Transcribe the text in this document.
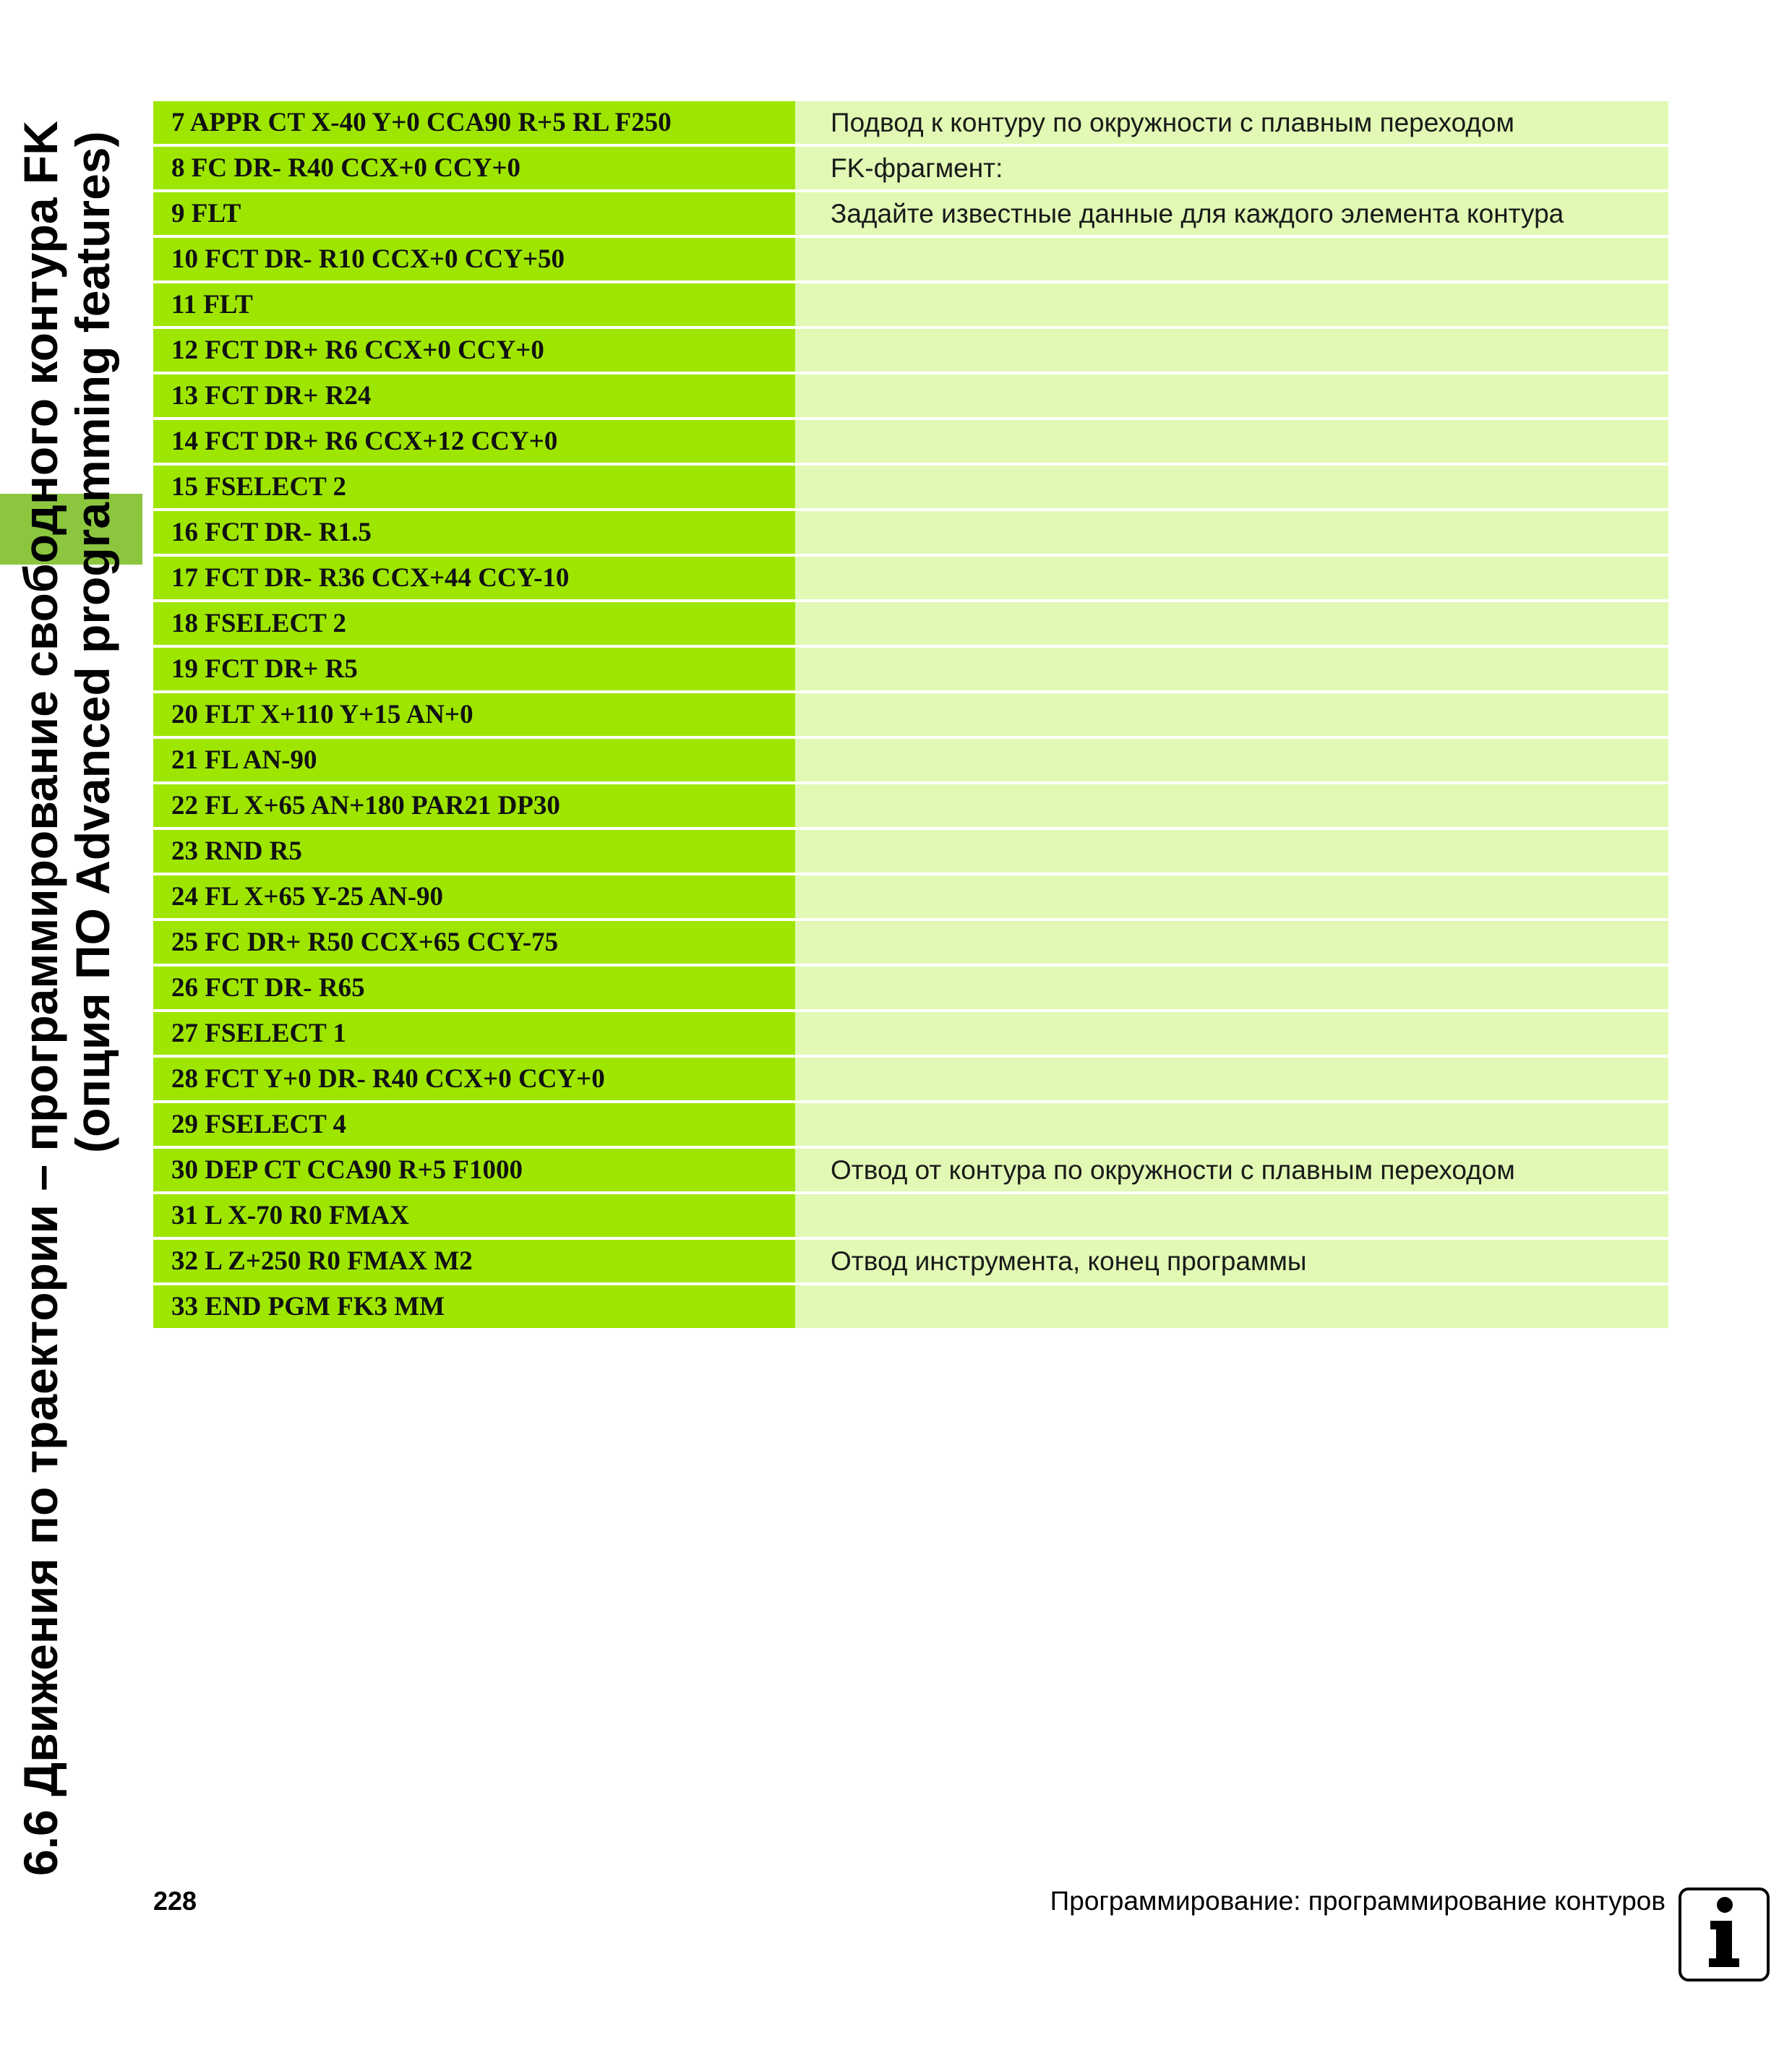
6.6 Движения по траектории – программирование свободного контура FK
(опция ПО Advanced programming features)
7 APPR CT X-40 Y+0 CCA90 R+5 RL F250	Подвод к контуру по окружности с плавным переходом
8 FC DR- R40 CCX+0 CCY+0	FK-фрагмент:
9 FLT	Задайте известные данные для каждого элемента контура
10 FCT DR- R10 CCX+0 CCY+50
11 FLT
12 FCT DR+ R6 CCX+0 CCY+0
13 FCT DR+ R24
14 FCT DR+ R6 CCX+12 CCY+0
15 FSELECT 2
16 FCT DR- R1.5
17 FCT DR- R36 CCX+44 CCY-10
18 FSELECT 2
19 FCT DR+ R5
20 FLT X+110 Y+15 AN+0
21 FL AN-90
22 FL X+65 AN+180 PAR21 DP30
23 RND R5
24 FL X+65 Y-25 AN-90
25 FC DR+ R50 CCX+65 CCY-75
26 FCT DR- R65
27 FSELECT 1
28 FCT Y+0 DR- R40 CCX+0 CCY+0
29 FSELECT 4
30 DEP CT CCA90 R+5 F1000	Отвод от контура по окружности с плавным переходом
31 L X-70 R0 FMAX
32 L Z+250 R0 FMAX M2	Отвод инструмента, конец программы
33 END PGM FK3 MM
228	Программирование: программирование контуров
